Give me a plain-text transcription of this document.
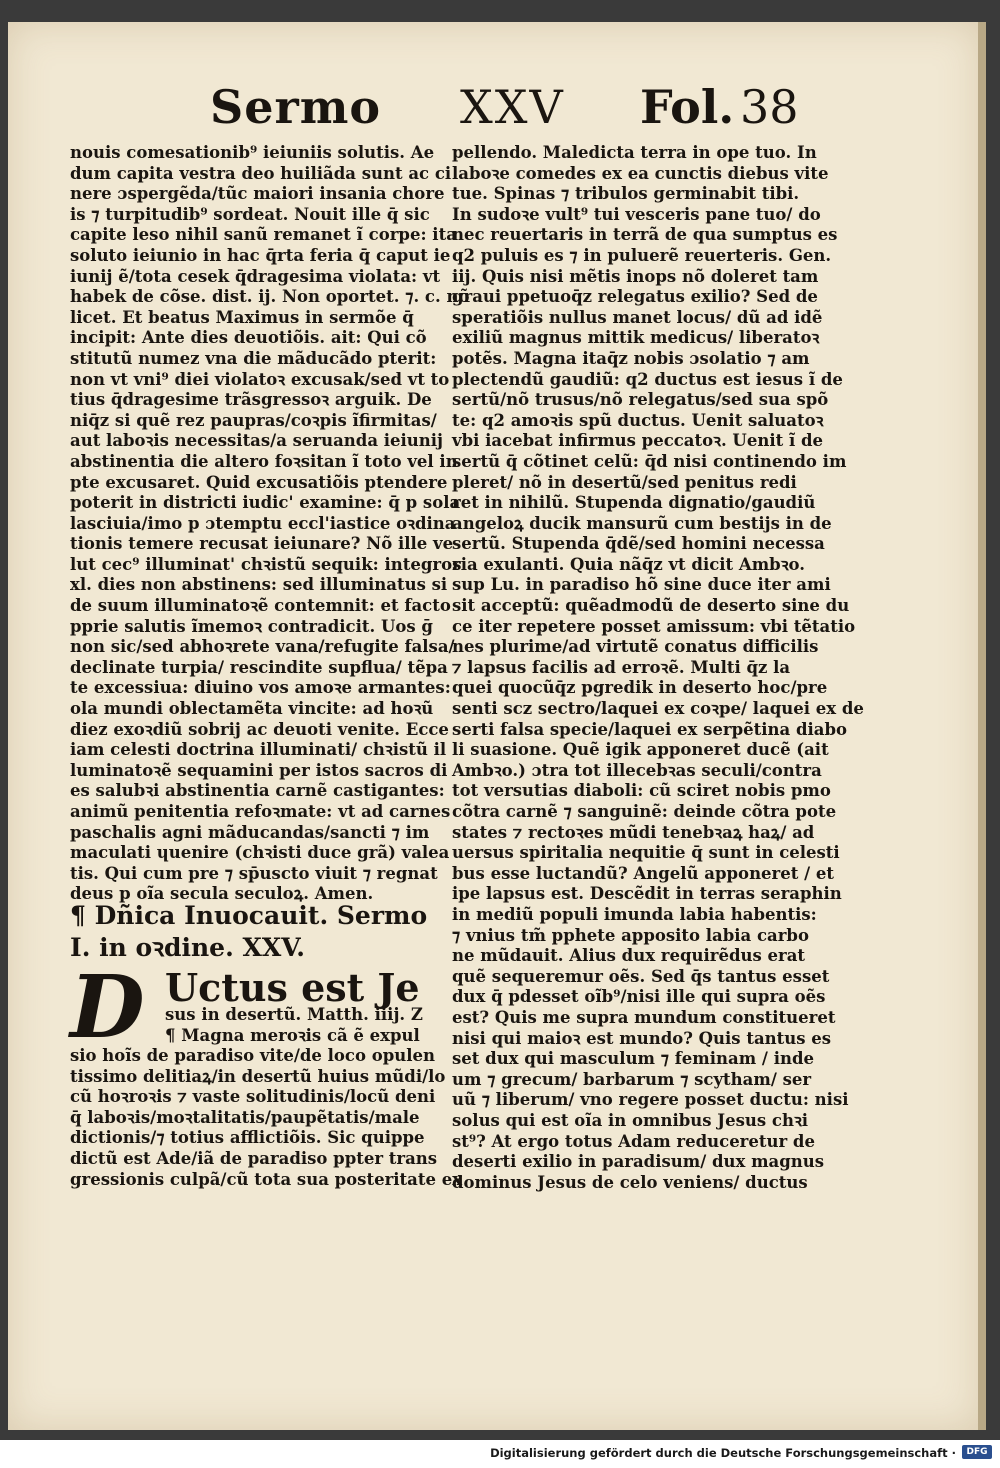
Sermo XXV Fol. 38
nouis comesationib⁹ ieiuniis solutis. Ae
dum capita vestra deo huiliãda sunt ac ci
nere ɔspergẽda/tũc maiori insania chore
is ⁊ turpitudib⁹ sordeat. Nouit ille q̄ sic
capite leso nihil sanũ remanet ĩ corpe: ita
soluto ieiunio in hac q̄rta feria q̄ caput ie
iunij ẽ/tota cesek q̄dragesima violata: vt
habek de cõse. dist. ij. Non oportet. ⁊. c. nõ
licet. Et beatus Maximus in sermõe q̄
incipit: Ante dies deuotiõis. ait: Qui cõ
stitutũ numez vna die mãducãdo pterit:
non vt vni⁹ diei violatoꝛ excusak/sed vt to
tius q̄dragesime trãsgressoꝛ arguik. De
niq̄z si quẽ rez paupras/coꝛpis ĩfirmitas/
aut laboꝛis necessitas/a seruanda ieiunij
abstinentia die altero foꝛsitan ĩ toto vel in
pte excusaret. Quid excusatiõis ptendere
poterit in districti iudic' examine: q̄ p sola
lasciuia/imo p ɔtemptu eccl'iastice oꝛdina
tionis temere recusat ieiunare? Nõ ille ve
lut cec⁹ illuminat' chꝛistũ sequik: integros
xl. dies non abstinens: sed illuminatus si
de suum illuminatoꝛẽ contemnit: et facto
pprie salutis ĩmemoꝛ contradicit. Uos ḡ
non sic/sed abhoꝛrete vana/refugite falsa/
declinate turpia/ rescindite supflua/ tẽpa
te excessiua: diuino vos amoꝛe armantes:
ola mundi oblectamẽta vincite: ad hoꝛũ
diez exoꝛdiũ sobrij ac deuoti venite. Ecce
iam celesti doctrina illuminati/ chꝛistũ il
luminatoꝛẽ sequamini per istos sacros di
es salubꝛi abstinentia carnẽ castigantes:
animũ penitentia refoꝛmate: vt ad carnes
paschalis agni mãducandas/sancti ⁊ im
maculati ɥuenire (chꝛisti duce grã) valea
tis. Qui cum pre ⁊ sp̄uscto viuit ⁊ regnat
deus p oĩa secula seculoꝝ. Amen.
¶ Dñica Inuocauit. Sermo
I. in oꝛdine. XXV.
D Uctus est Je
sus in desertũ. Matth. iiij. Z
¶ Magna meroꝛis cã ẽ expul
sio hoĩs de paradiso vite/de loco opulen
tissimo delitiaꝝ/in desertũ huius mũdi/lo
cũ hoꝛroꝛis ⁊ vaste solitudinis/locũ deni
q̄ laboꝛis/moꝛtalitatis/paupẽtatis/male
dictionis/⁊ totius afflictiõis. Sic quippe
dictũ est Ade/iã de paradiso ppter trans
gressionis culpã/cũ tota sua posteritate ex
pellendo. Maledicta terra in ope tuo. In
laboꝛe comedes ex ea cunctis diebus vite
tue. Spinas ⁊ tribulos germinabit tibi.
In sudoꝛe vult⁹ tui vesceris pane tuo/ do
nec reuertaris in terrã de qua sumptus es
q2 puluis es ⁊ in puluerẽ reuerteris. Gen.
iij. Quis nisi mẽtis inops nõ doleret tam
graui ppetuoq̄z relegatus exilio? Sed de
speratiõis nullus manet locus/ dũ ad idẽ
exiliũ magnus mittik medicus/ liberatoꝛ
potẽs. Magna itaq̄z nobis ɔsolatio ⁊ am
plectendũ gaudiũ: q2 ductus est iesus ĩ de
sertũ/nõ trusus/nõ relegatus/sed sua spõ
te: q2 amoꝛis spũ ductus. Uenit saluatoꝛ
vbi iacebat infirmus peccatoꝛ. Uenit ĩ de
sertũ q̄ cõtinet celũ: q̄d nisi continendo im
pleret/ nõ in desertũ/sed penitus redi
ret in nihilũ. Stupenda dignatio/gaudiũ
angeloꝝ ducik mansurũ cum bestijs in de
sertũ. Stupenda q̄dẽ/sed homini necessa
ria exulanti. Quia nãq̄z vt dicit Ambꝛo.
sup Lu. in paradiso hõ sine duce iter ami
sit acceptũ: quẽadmodũ de deserto sine du
ce iter repetere posset amissum: vbi tẽtatio
nes plurime/ad virtutẽ conatus difficilis
⁊ lapsus facilis ad erroꝛẽ. Multi q̄z la
quei quocũq̄z pgredik in deserto hoc/pre
senti scz sectro/laquei ex coꝛpe/ laquei ex de
serti falsa specie/laquei ex serpẽtina diabo
li suasione. Quẽ igik apponeret ducẽ (ait
Ambꝛo.) ɔtra tot illecebꝛas seculi/contra
tot versutias diaboli: cũ sciret nobis pmo
cõtra carnẽ ⁊ sanguinẽ: deinde cõtra pote
states ⁊ rectoꝛes mũdi tenebꝛaꝝ haꝝ/ ad
uersus spiritalia nequitie q̄ sunt in celesti
bus esse luctandũ? Angelũ apponeret / et
ipe lapsus est. Descẽdit in terras seraphin
in mediũ populi imunda labia habentis:
⁊ vnius tm̃ pphete apposito labia carbo
ne mũdauit. Alius dux requirẽdus erat
quẽ sequeremur oẽs. Sed q̄s tantus esset
dux q̄ pdesset oĩb⁹/nisi ille qui supra oẽs
est? Quis me supra mundum constitueret
nisi qui maioꝛ est mundo? Quis tantus es
set dux qui masculum ⁊ feminam / inde
um ⁊ grecum/ barbarum ⁊ scytham/ ser
uũ ⁊ liberum/ vno regere posset ductu: nisi
solus qui est oĩa in omnibus Jesus chꝛi
st⁹? At ergo totus Adam reduceretur de
deserti exilio in paradisum/ dux magnus
dominus Jesus de celo veniens/ ductus
Digitalisierung gefördert durch die Deutsche Forschungsgemeinschaft ·	DFG
